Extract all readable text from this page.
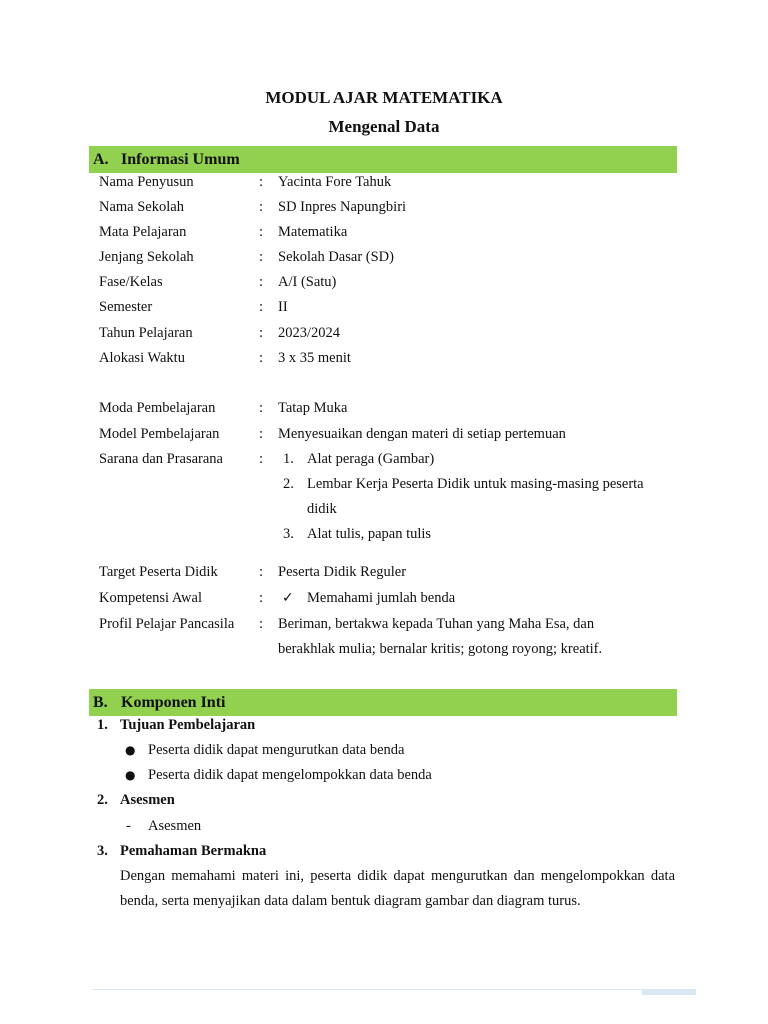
MODUL AJAR MATEMATIKA
Mengenal Data
A. Informasi Umum
Nama Penyusun	: Yacinta Fore Tahuk
Nama Sekolah	: SD Inpres Napungbiri
Mata Pelajaran	: Matematika
Jenjang Sekolah	: Sekolah Dasar (SD)
Fase/Kelas	: A/I (Satu)
Semester	: II
Tahun Pelajaran	: 2023/2024
Alokasi Waktu	: 3 x 35 menit
Moda Pembelajaran	: Tatap Muka
Model Pembelajaran	: Menyesuaikan dengan materi di setiap pertemuan
Sarana dan Prasarana : 1. Alat peraga (Gambar)
2. Lembar Kerja Peserta Didik untuk masing-masing peserta
didik
3. Alat tulis, papan tulis
Target Peserta Didik	: Peserta Didik Reguler
Kompetensi Awal	: ✓ Memahami jumlah benda
Profil Pelajar Pancasila : Beriman, bertakwa kepada Tuhan yang Maha Esa, dan
berakhlak mulia; bernalar kritis; gotong royong; kreatif.
B. Komponen Inti
1. Tujuan Pembelajaran
● Peserta didik dapat mengurutkan data benda
● Peserta didik dapat mengelompokkan data benda
2. Asesmen
- Asesmen
3. Pemahaman Bermakna
Dengan memahami materi ini, peserta didik dapat mengurutkan dan mengelompokkan data benda, serta menyajikan data dalam bentuk diagram gambar dan diagram turus.
